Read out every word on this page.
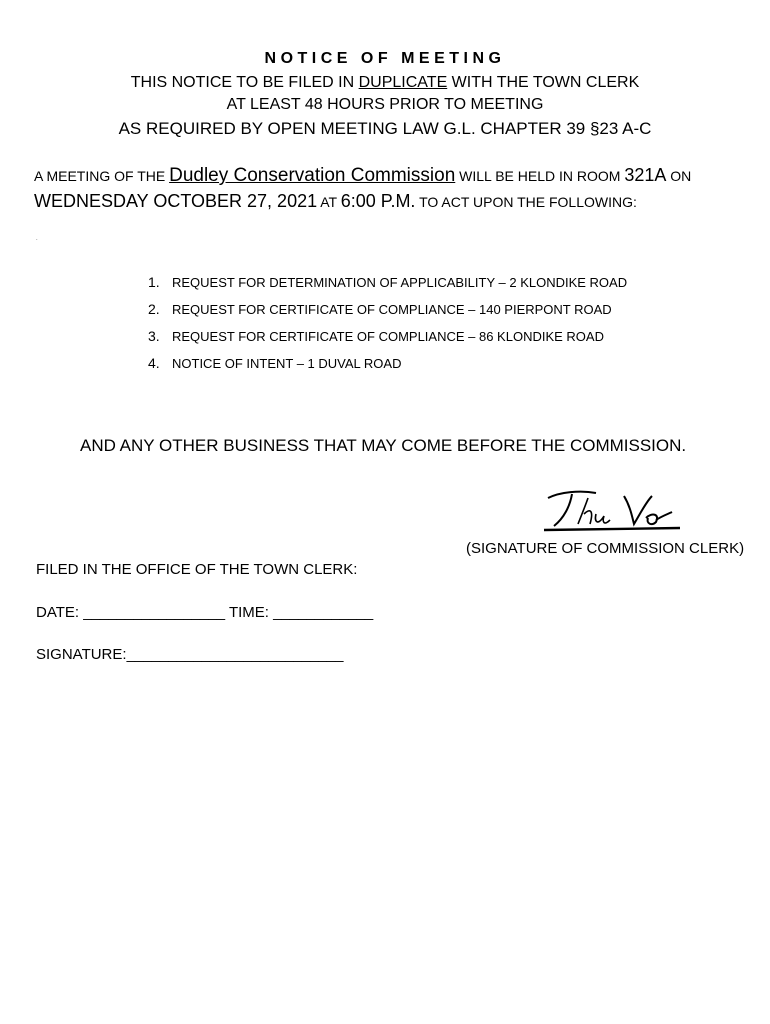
NOTICE OF MEETING
THIS NOTICE TO BE FILED IN DUPLICATE WITH THE TOWN CLERK
AT LEAST 48 HOURS PRIOR TO MEETING
AS REQUIRED BY OPEN MEETING LAW G.L. CHAPTER 39 §23 A-C
A MEETING OF THE Dudley Conservation Commission WILL BE HELD IN ROOM 321A ON WEDNESDAY OCTOBER 27, 2021 AT 6:00 P.M. TO ACT UPON THE FOLLOWING:
.
1. REQUEST FOR DETERMINATION OF APPLICABILITY – 2 KLONDIKE ROAD
2. REQUEST FOR CERTIFICATE OF COMPLIANCE – 140 PIERPONT ROAD
3. REQUEST FOR CERTIFICATE OF COMPLIANCE – 86 KLONDIKE ROAD
4. NOTICE OF INTENT – 1 DUVAL ROAD
AND ANY OTHER BUSINESS THAT MAY COME BEFORE THE COMMISSION.
(SIGNATURE OF COMMISSION CLERK)
FILED IN THE OFFICE OF THE TOWN CLERK:
DATE: _________________ TIME: ____________
SIGNATURE:__________________________
